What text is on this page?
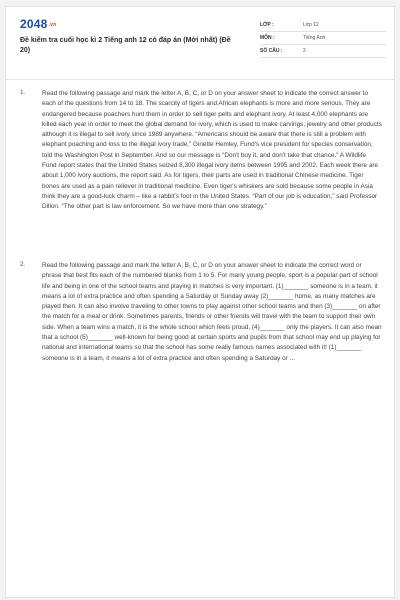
2048.vn
Đề kiểm tra cuối học kì 2 Tiếng anh 12 có đáp án (Mới nhất) (Đề 20)
LỚP :	Lớp 12
MÔN :	Tiếng Anh
SỐ CÂU :	2
1.	Read the following passage and mark the letter A, B, C, or D on your answer sheet to indicate the correct answer to each of the questions from 14 to 18. The scarcity of tigers and African elephants is more and more serious. They are endangered because poachers hunt them in order to sell tiger pelts and elephant ivory. At least 4,000 elephants are killed each year in order to meet the global demand for ivory, which is used to make carvings, jewelry and other products although it is illegal to sell ivory since 1989 anywhere. “Americans should be aware that there is still a problem with elephant poaching and loss to the illegal ivory trade,” Ginette Hemley, Fund's vice president for species conservation, told the Washington Post in September. And so our message is “Don't buy it, and don't take that chance.” A Wildlife Fund report states that the United States seized 8,300 illegal ivory items between 1995 and 2002. Each week there are about 1,000 ivory auctions, the report said. As for tigers, their parts are used in traditional Chinese medicine. Tiger bones are used as a pain reliever in traditional medicine. Even tiger's whiskers are sold because some people in Asia think they are a good-luck charm – like a rabbit's foot in the United States. “Part of our job is education,” said Professor Dillon. “The other part is law enforcement. So we have more than one strategy.”

2.	Read the following passage and mark the letter A, B, C, or D on your answer sheet to indicate the correct word or phrase that best fits each of the numbered blanks from 1 to 5. For many young people, sport is a popular part of school life and being in one of the school teams and playing in matches is very important. (1)_______ someone is in a team, it means a lot of extra practice and often spending a Saturday or Sunday away (2)_______ home, as many matches are played then. It can also involve traveling to other towns to play against other school teams and then (3)_______ on after the match for a meal or drink. Sometimes parents, friends or other friends will travel with the team to support their own side. When a team wins a match, it is the whole school which feels proud, (4)_______ only the players. It can also mean that a school (5)_______ well-known for being good at certain sports and pupils from that school may end up playing for national and international teams so that the school has some really famous names associated with it! (1)_______ someone is in a team, it means a lot of extra practice and often spending a Saturday or ...
